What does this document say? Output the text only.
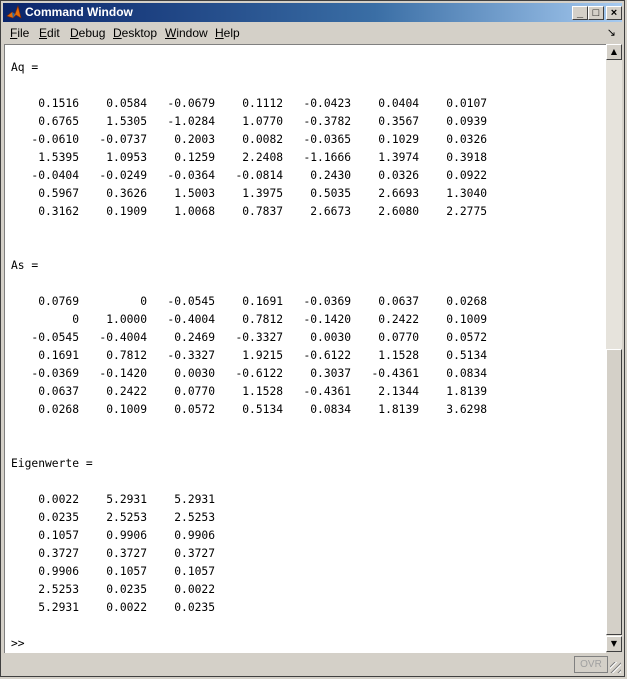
Command Window	_ □	×
File Edit Debug Desktop Window Help	↘
Aq =

0.1516    0.0584   -0.0679    0.1112   -0.0423    0.0404    0.0107
0.6765    1.5305   -1.0284    1.0770   -0.3782    0.3567    0.0939
-0.0610   -0.0737    0.2003    0.0082   -0.0365    0.1029    0.0326
1.5395    1.0953    0.1259    2.2408   -1.1666    1.3974    0.3918
-0.0404   -0.0249   -0.0364   -0.0814    0.2430    0.0326    0.0922
0.5967    0.3626    1.5003    1.3975    0.5035    2.6693    1.3040
0.3162    0.1909    1.0068    0.7837    2.6673    2.6080    2.2775

As =

0.0769         0   -0.0545    0.1691   -0.0369    0.0637    0.0268
0    1.0000   -0.4004    0.7812   -0.1420    0.2422    0.1009
-0.0545   -0.4004    0.2469   -0.3327    0.0030    0.0770    0.0572
0.1691    0.7812   -0.3327    1.9215   -0.6122    1.1528    0.5134
-0.0369   -0.1420    0.0030   -0.6122    0.3037   -0.4361    0.0834
0.0637    0.2422    0.0770    1.1528   -0.4361    2.1344    1.8139
0.0268    0.1009    0.0572    0.5134    0.0834    1.8139    3.6298

Eigenwerte =

0.0022    5.2931    5.2931
0.0235    2.5253    2.5253
0.1057    0.9906    0.9906
0.3727    0.3727    0.3727
0.9906    0.1057    0.1057
2.5253    0.0235    0.0022
5.2931    0.0022    0.0235

>>
▲
▼
OVR
